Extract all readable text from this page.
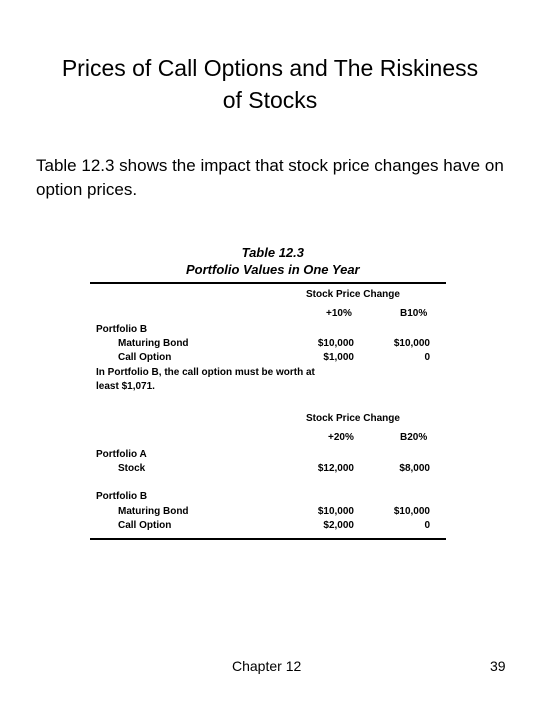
Prices of Call Options and The Riskiness
of Stocks

Table 12.3 shows the impact that stock price changes have on option prices.

Table 12.3
Portfolio Values in One Year
Stock Price Change
+10%	B10%
Portfolio B
Maturing Bond	$10,000	$10,000
Call Option	$1,000	0
In Portfolio B, the call option must be worth at
least $1,071.
Stock Price Change
+20%	B20%
Portfolio A
Stock	$12,000	$8,000
Portfolio B
Maturing Bond	$10,000	$10,000
Call Option	$2,000	0
Chapter 12	39
